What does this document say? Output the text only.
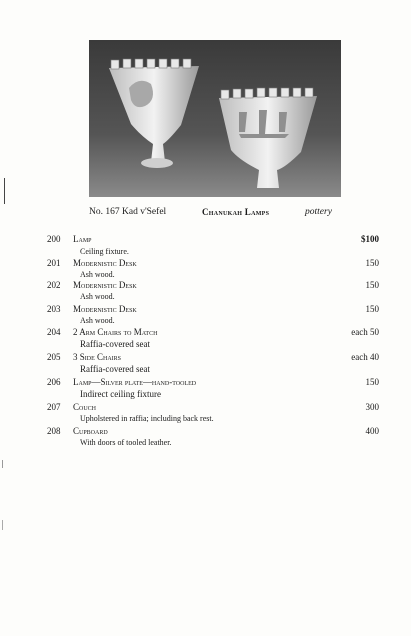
No. 167 Kad v'Sefel	Chanukah Lamps	pottery
200 Lamp	$100
Ceiling fixture.
201 Modernistic Desk	150
Ash wood.
202 Modernistic Desk	150
Ash wood.
203 Modernistic Desk	150
Ash wood.
204 2 Arm Chairs to Match	each 50
Raffia-covered seat
205 3 Side Chairs	each 40
Raffia-covered seat
206 Lamp—Silver plate—hand-tooled	150
Indirect ceiling fixture
207 Couch	300
Upholstered in raffia; including back rest.
208 Cupboard	400
With doors of tooled leather.
